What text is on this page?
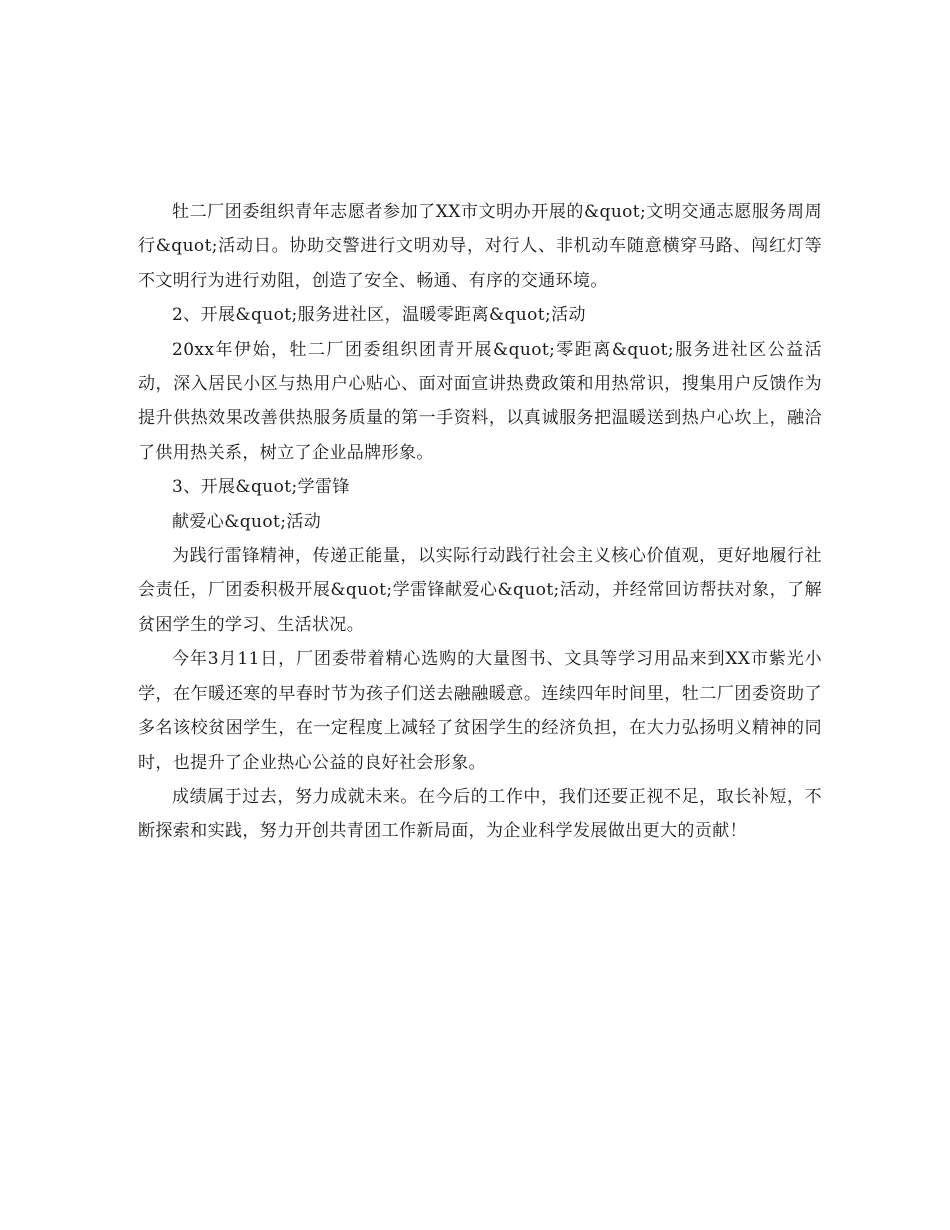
牡二厂团委组织青年志愿者参加了XX市文明办开展的&quot;文明交通志愿服务周周行&quot;活动日。协助交警进行文明劝导，对行人、非机动车随意横穿马路、闯红灯等不文明行为进行劝阻，创造了安全、畅通、有序的交通环境。

2、开展&quot;服务进社区，温暖零距离&quot;活动

20xx年伊始，牡二厂团委组织团青开展&quot;零距离&quot;服务进社区公益活动，深入居民小区与热用户心贴心、面对面宣讲热费政策和用热常识，搜集用户反馈作为提升供热效果改善供热服务质量的第一手资料，以真诚服务把温暖送到热户心坎上，融洽了供用热关系，树立了企业品牌形象。

3、开展&quot;学雷锋

献爱心&quot;活动

为践行雷锋精神，传递正能量，以实际行动践行社会主义核心价值观，更好地履行社会责任，厂团委积极开展&quot;学雷锋献爱心&quot;活动，并经常回访帮扶对象，了解贫困学生的学习、生活状况。

今年3月11日，厂团委带着精心选购的大量图书、文具等学习用品来到XX市紫光小学，在乍暖还寒的早春时节为孩子们送去融融暖意。连续四年时间里，牡二厂团委资助了多名该校贫困学生，在一定程度上减轻了贫困学生的经济负担，在大力弘扬明义精神的同时，也提升了企业热心公益的良好社会形象。

成绩属于过去，努力成就未来。在今后的工作中，我们还要正视不足，取长补短，不断探索和实践，努力开创共青团工作新局面，为企业科学发展做出更大的贡献！
